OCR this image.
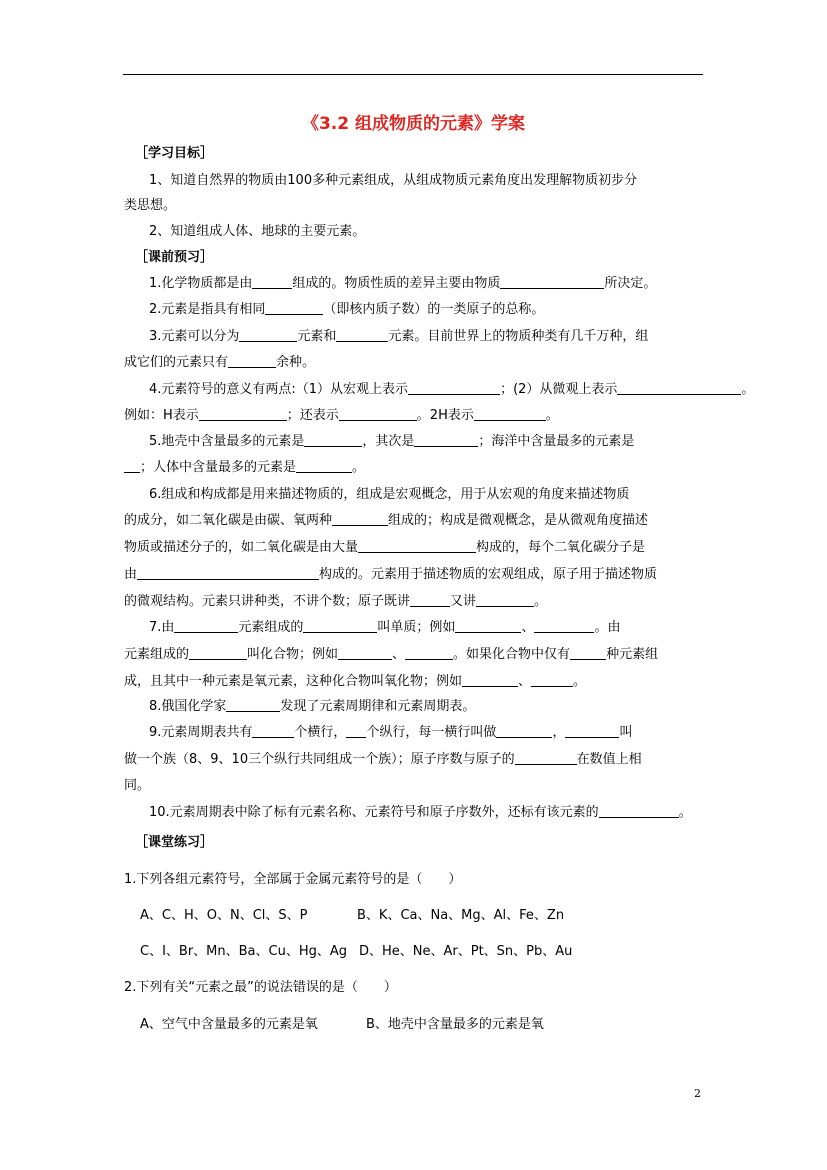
《3.2 组成物质的元素》学案
［学习目标］
1、知道自然界的物质由100多种元素组成，从组成物质元素角度出发理解物质初步分
类思想。
2、知道组成人体、地球的主要元素。
［课前预习］
1.化学物质都是由	组成的。物质性质的差异主要由物质	所决定。
2.元素是指具有相同	（即核内质子数）的一类原子的总称。
3.元素可以分为	元素和	元素。目前世界上的物质种类有几千万种，组
成它们的元素只有	余种。
4.元素符号的意义有两点:（1）从宏观上表示	；(2）从微观上表示	。
例如：H表示	；还表示	。2H表示	。
5.地壳中含量最多的元素是	，其次是	；海洋中含量最多的元素是
；人体中含量最多的元素是	。
6.组成和构成都是用来描述物质的，组成是宏观概念，用于从宏观的角度来描述物质
的成分，如二氧化碳是由碳、氧两种	组成的；构成是微观概念，是从微观角度描述
物质或描述分子的，如二氧化碳是由大量	构成的，每个二氧化碳分子是
由	构成的。元素用于描述物质的宏观组成，原子用于描述物质
的微观结构。元素只讲种类，不讲个数；原子既讲	又讲	。
7.由	元素组成的	叫单质；例如	、	。由
元素组成的	叫化合物；例如	、	。如果化合物中仅有	种元素组
成，且其中一种元素是氧元素，这种化合物叫氧化物；例如	、	。
8.俄国化学家	发现了元素周期律和元素周期表。
9.元素周期表共有	个横行， 个纵行，每一横行叫做	，	叫
做一个族（8、9、10三个纵行共同组成一个族）；原子序数与原子的	在数值上相
同。
10.元素周期表中除了标有元素名称、元素符号和原子序数外，还标有该元素的	。
［课堂练习］
1.下列各组元素符号，全部属于金属元素符号的是（　　）
A、C、H、O、N、Cl、S、P	B、K、Ca、Na、Mg、Al、Fe、Zn
C、I、Br、Mn、Ba、Cu、Hg、Ag D、He、Ne、Ar、Pt、Sn、Pb、Au
2.下列有关“元素之最”的说法错误的是（　　）
A、空气中含量最多的元素是氧	B、地壳中含量最多的元素是氧
2
